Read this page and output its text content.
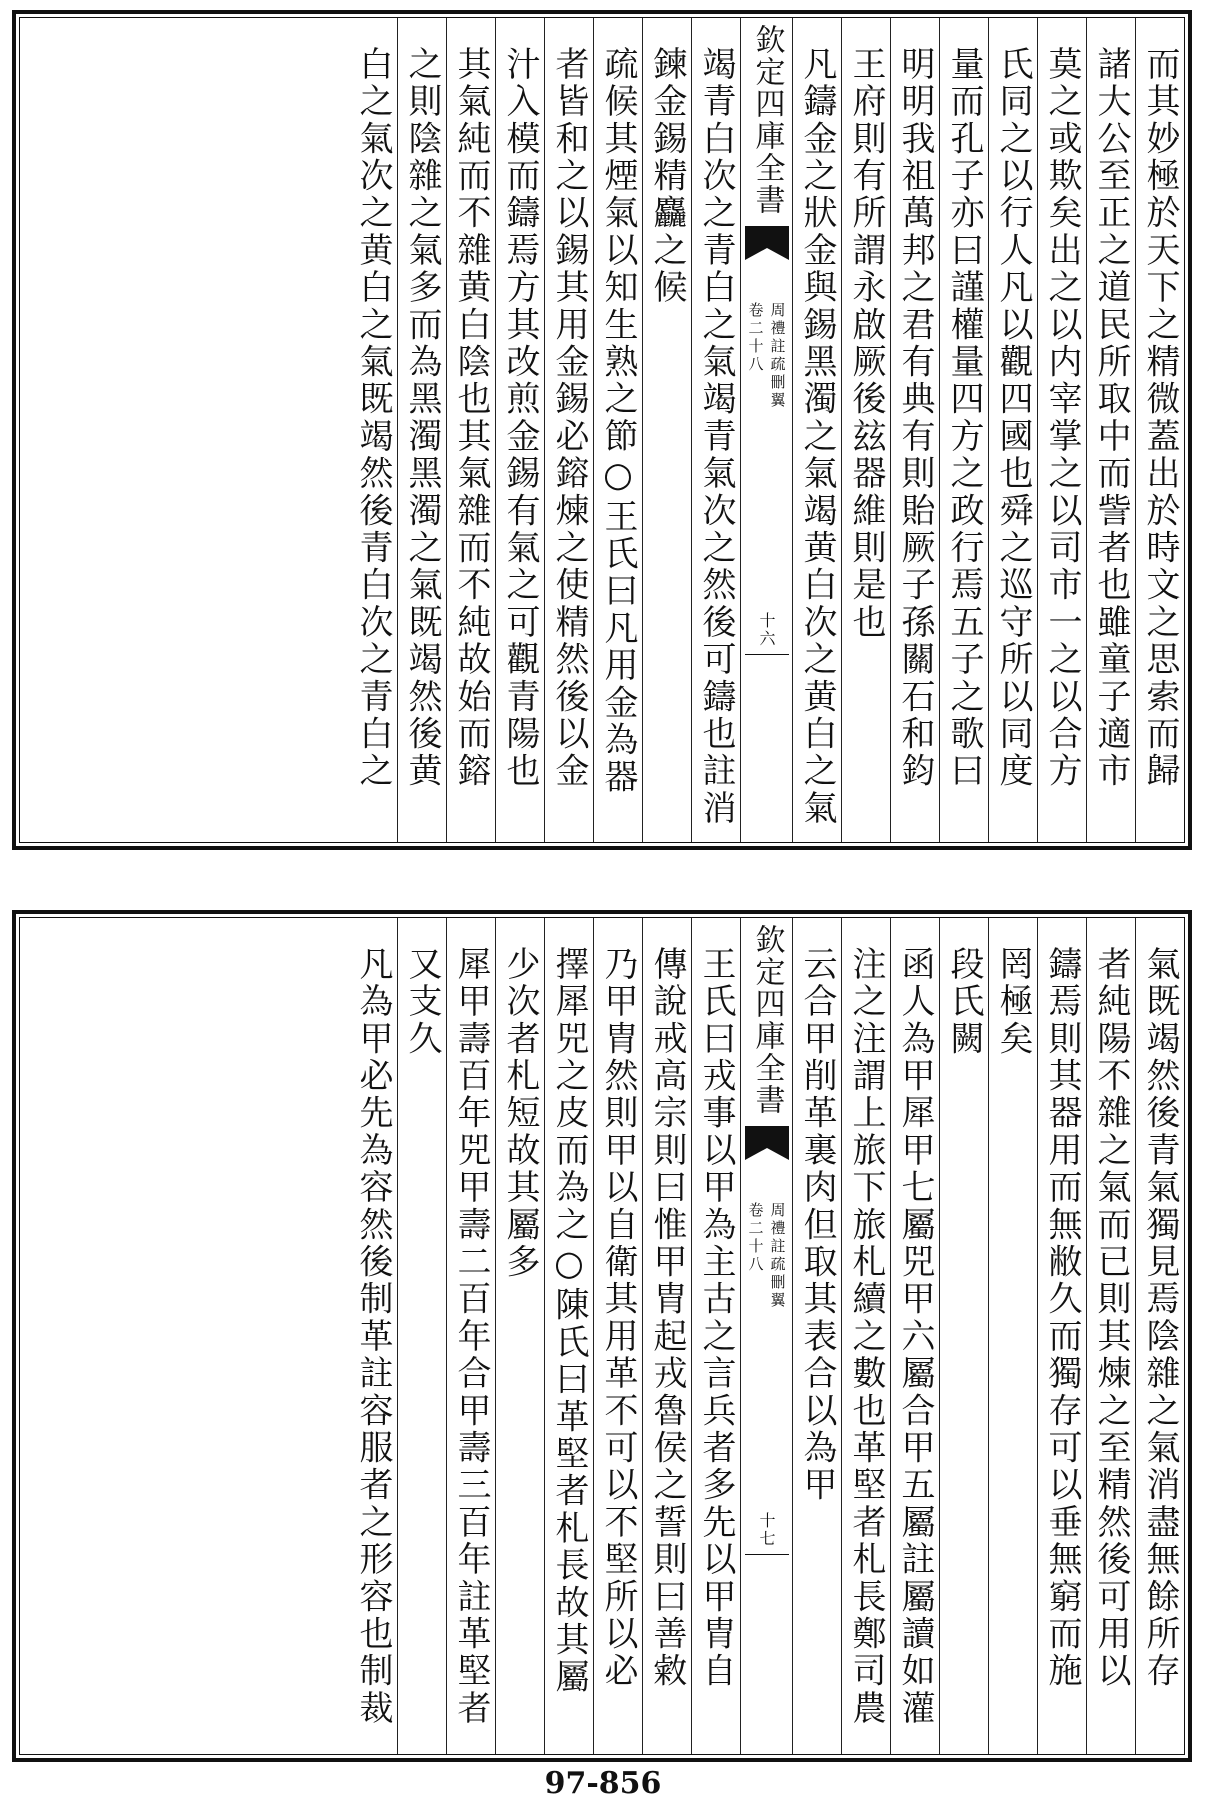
而其妙極於天下之精微蓋出於時文之思索而歸
諸大公至正之道民所取中而訾者也雖童子適市
莫之或欺矣出之以内宰掌之以司市一之以合方
氏同之以行人凡以觀四國也舜之巡守所以同度
量而孔子亦曰謹權量四方之政行焉五子之歌曰
明明我祖萬邦之君有典有則貽厥子孫關石和鈞
王府則有所謂永啟厥後玆器維則是也
凡鑄金之狀金與錫黑濁之氣竭黄白次之黄白之氣
欽定四庫全書
周禮註疏刪翼
卷二十八
十六
竭青白次之青白之氣竭青氣次之然後可鑄也註消
鍊金錫精麤之候
疏候其煙氣以知生熟之節○王氏曰凡用金為器
者皆和之以錫其用金錫必鎔煉之使精然後以金
汁入模而鑄焉方其改煎金錫有氣之可觀青陽也
其氣純而不雜黄白陰也其氣雜而不純故始而鎔
之則陰雜之氣多而為黑濁黑濁之氣既竭然後黄
白之氣次之黄白之氣既竭然後青白次之青白之
氣既竭然後青氣獨見焉陰雜之氣消盡無餘所存
者純陽不雜之氣而已則其煉之至精然後可用以
鑄焉則其器用而無敝久而獨存可以垂無窮而施
罔極矣
段氏闕
函人為甲犀甲七屬兕甲六屬合甲五屬註屬讀如灌
注之注謂上旅下旅札續之數也革堅者札長鄭司農
云合甲削革裏肉但取其表合以為甲
欽定四庫全書
周禮註疏刪翼
卷二十八
十七
王氏曰戎事以甲為主古之言兵者多先以甲胄自
傳說戒高宗則曰惟甲胄起戎魯侯之誓則曰善敹
乃甲胄然則甲以自衛其用革不可以不堅所以必
擇犀兕之皮而為之○陳氏曰革堅者札長故其屬
少次者札短故其屬多
犀甲壽百年兕甲壽二百年合甲壽三百年註革堅者
又支久
凡為甲必先為容然後制革註容服者之形容也制裁
97-856
